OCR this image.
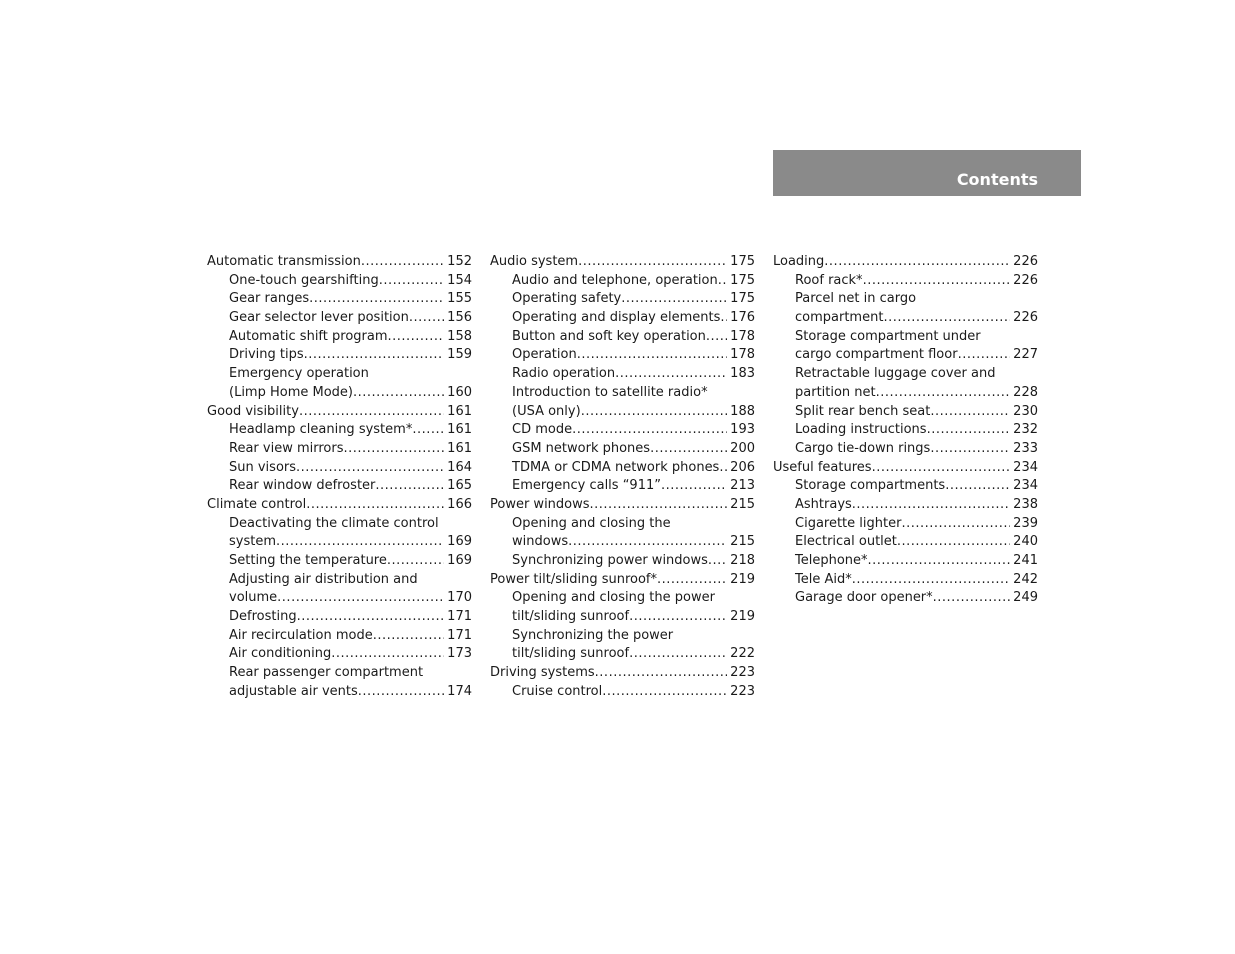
Contents
Automatic transmission .....	152
One-touch gearshifting .....	154
Gear ranges .....	155
Gear selector lever position .....	156
Automatic shift program .....	158
Driving tips .....	159
Emergency operation
(Limp Home Mode) .....	160
Good visibility .....	161
Headlamp cleaning system* .....	161
Rear view mirrors .....	161
Sun visors .....	164
Rear window defroster .....	165
Climate control .....	166
Deactivating the climate control
system .....	169
Setting the temperature .....	169
Adjusting air distribution and
volume .....	170
Defrosting .....	171
Air recirculation mode .....	171
Air conditioning .....	173
Rear passenger compartment
adjustable air vents .....	174
Audio system .....	175
Audio and telephone, operation ..... 175
Operating safety .....	175
Operating and display elements ..... 176
Button and soft key operation ..... 178
Operation .....	178
Radio operation .....	183
Introduction to satellite radio*
(USA only) .....	188
CD mode .....	193
GSM network phones .....	200
TDMA or CDMA network phones ..... 206
Emergency calls “911” .....	213
Power windows .....	215
Opening and closing the
windows .....	215
Synchronizing power windows ..... 218
Power tilt/sliding sunroof* .....	219
Opening and closing the power
tilt/sliding sunroof .....	219
Synchronizing the power
tilt/sliding sunroof .....	222
Driving systems .....	223
Cruise control .....	223
Loading .....	226
Roof rack* .....	226
Parcel net in cargo
compartment .....	226
Storage compartment under
cargo compartment floor .....	227
Retractable luggage cover and
partition net .....	228
Split rear bench seat .....	230
Loading instructions .....	232
Cargo tie-down rings .....	233
Useful features .....	234
Storage compartments .....	234
Ashtrays .....	238
Cigarette lighter .....	239
Electrical outlet .....	240
Telephone* .....	241
Tele Aid* .....	242
Garage door opener* .....	249
